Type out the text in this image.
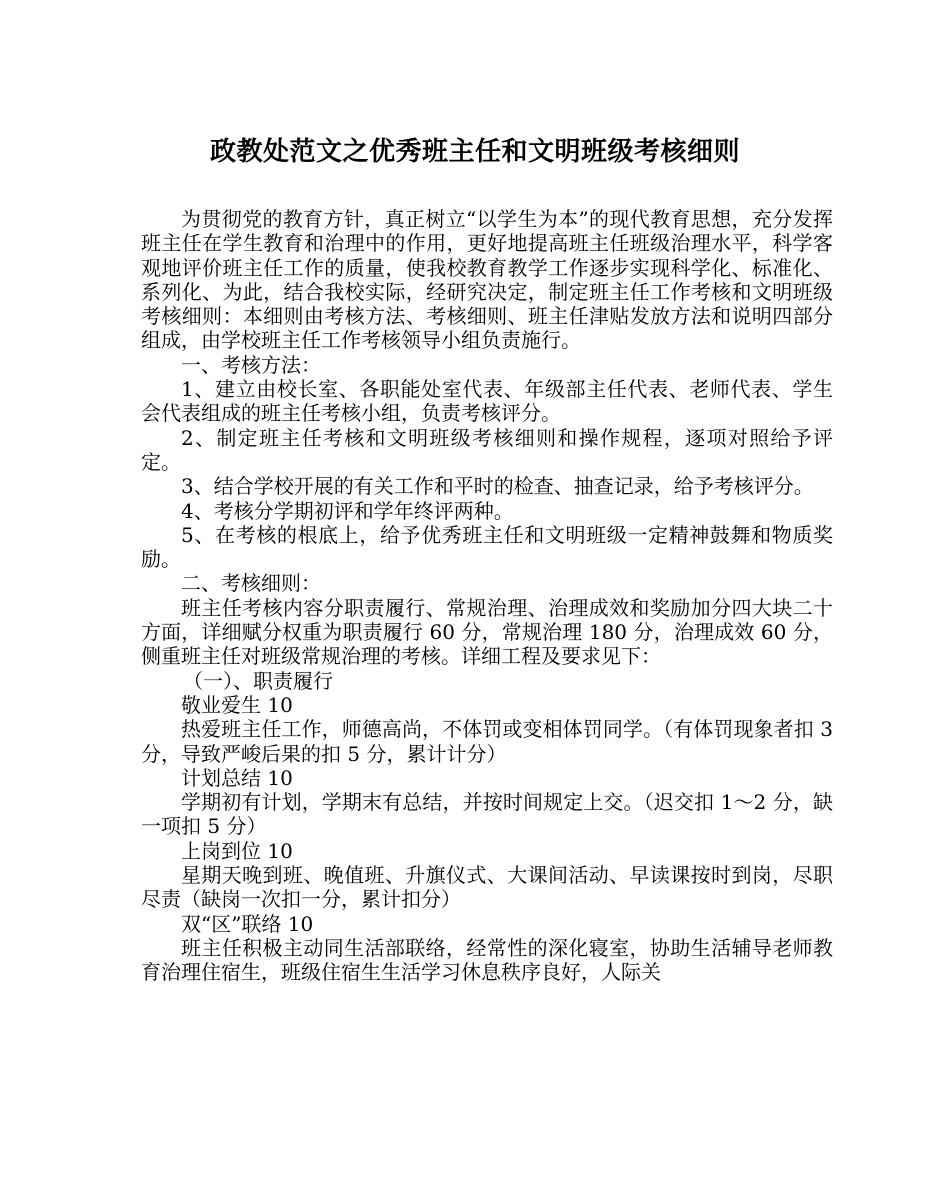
政教处范文之优秀班主任和文明班级考核细则

为贯彻党的教育方针，真正树立“以学生为本”的现代教育思想，充分发挥班主任在学生教育和治理中的作用，更好地提高班主任班级治理水平，科学客观地评价班主任工作的质量，使我校教育教学工作逐步实现科学化、标准化、系列化、为此，结合我校实际，经研究决定，制定班主任工作考核和文明班级考核细则：本细则由考核方法、考核细则、班主任津贴发放方法和说明四部分组成，由学校班主任工作考核领导小组负责施行。

一、考核方法：

1、建立由校长室、各职能处室代表、年级部主任代表、老师代表、学生会代表组成的班主任考核小组，负责考核评分。

2、制定班主任考核和文明班级考核细则和操作规程，逐项对照给予评定。

3、结合学校开展的有关工作和平时的检查、抽查记录，给予考核评分。

4、考核分学期初评和学年终评两种。

5、在考核的根底上，给予优秀班主任和文明班级一定精神鼓舞和物质奖励。

二、考核细则：

班主任考核内容分职责履行、常规治理、治理成效和奖励加分四大块二十方面，详细赋分权重为职责履行 60 分，常规治理 180 分，治理成效 60 分，侧重班主任对班级常规治理的考核。详细工程及要求见下：

（一）、职责履行

敬业爱生 10

热爱班主任工作，师德高尚，不体罚或变相体罚同学。（有体罚现象者扣 3 分，导致严峻后果的扣 5 分，累计计分）

计划总结 10

学期初有计划，学期末有总结，并按时间规定上交。（迟交扣 1～2 分，缺一项扣 5 分）

上岗到位 10

星期天晚到班、晚值班、升旗仪式、大课间活动、早读课按时到岗，尽职尽责（缺岗一次扣一分，累计扣分）

双“区”联络 10

班主任积极主动同生活部联络，经常性的深化寝室，协助生活辅导老师教育治理住宿生，班级住宿生生活学习休息秩序良好，人际关
